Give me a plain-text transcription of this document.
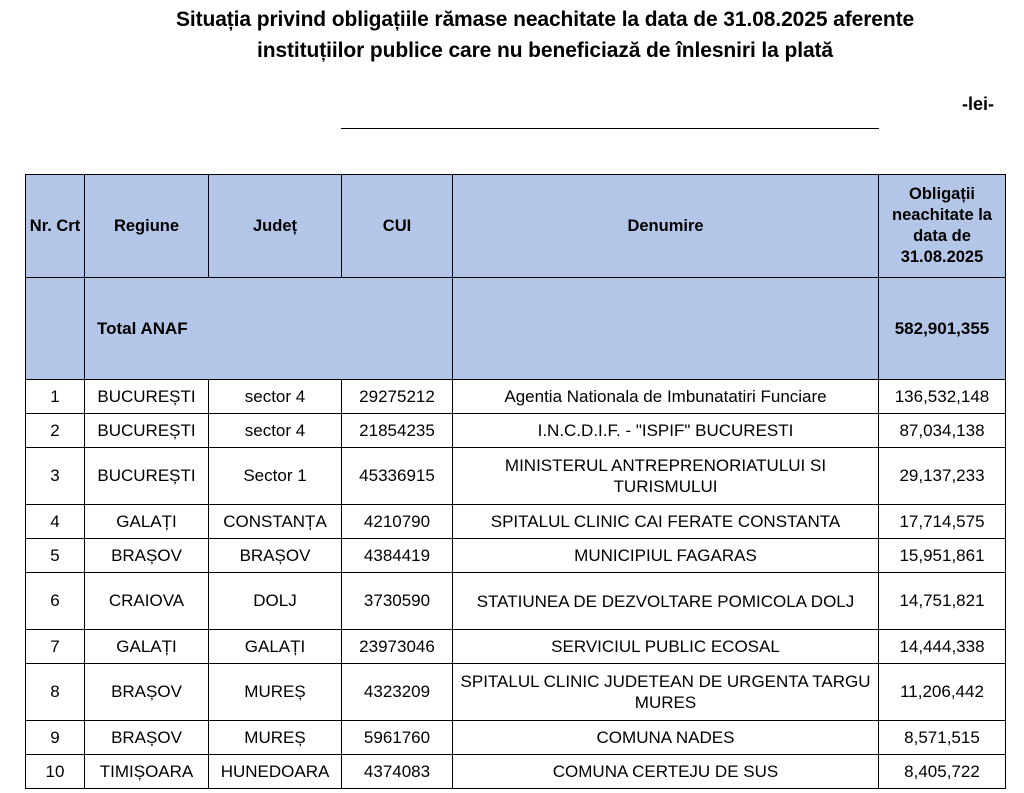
Situația privind obligațiile rămase neachitate la data de 31.08.2025 aferente
instituțiilor publice care nu beneficiază de înlesniri la plată
-lei-
Nr. Crt	Regiune	Județ	CUI	Denumire	Obligații neachitate la data de 31.08.2025
	Total ANAF				582,901,355
1	BUCUREȘTI	sector 4	29275212	Agentia Nationala de Imbunatatiri Funciare	136,532,148
2	BUCUREȘTI	sector 4	21854235	I.N.C.D.I.F. - "ISPIF" BUCURESTI	87,034,138
3	BUCUREȘTI	Sector 1	45336915	MINISTERUL ANTREPRENORIATULUI SI TURISMULUI	29,137,233
4	GALAȚI	CONSTANȚA	4210790	SPITALUL CLINIC CAI FERATE CONSTANTA	17,714,575
5	BRAȘOV	BRAȘOV	4384419	MUNICIPIUL FAGARAS	15,951,861
6	CRAIOVA	DOLJ	3730590	STATIUNEA DE DEZVOLTARE POMICOLA DOLJ	14,751,821
7	GALAȚI	GALAȚI	23973046	SERVICIUL PUBLIC ECOSAL	14,444,338
8	BRAȘOV	MUREȘ	4323209	SPITALUL CLINIC JUDETEAN DE URGENTA TARGU MURES	11,206,442
9	BRAȘOV	MUREȘ	5961760	COMUNA NADES	8,571,515
10	TIMIȘOARA	HUNEDOARA	4374083	COMUNA CERTEJU DE SUS	8,405,722
